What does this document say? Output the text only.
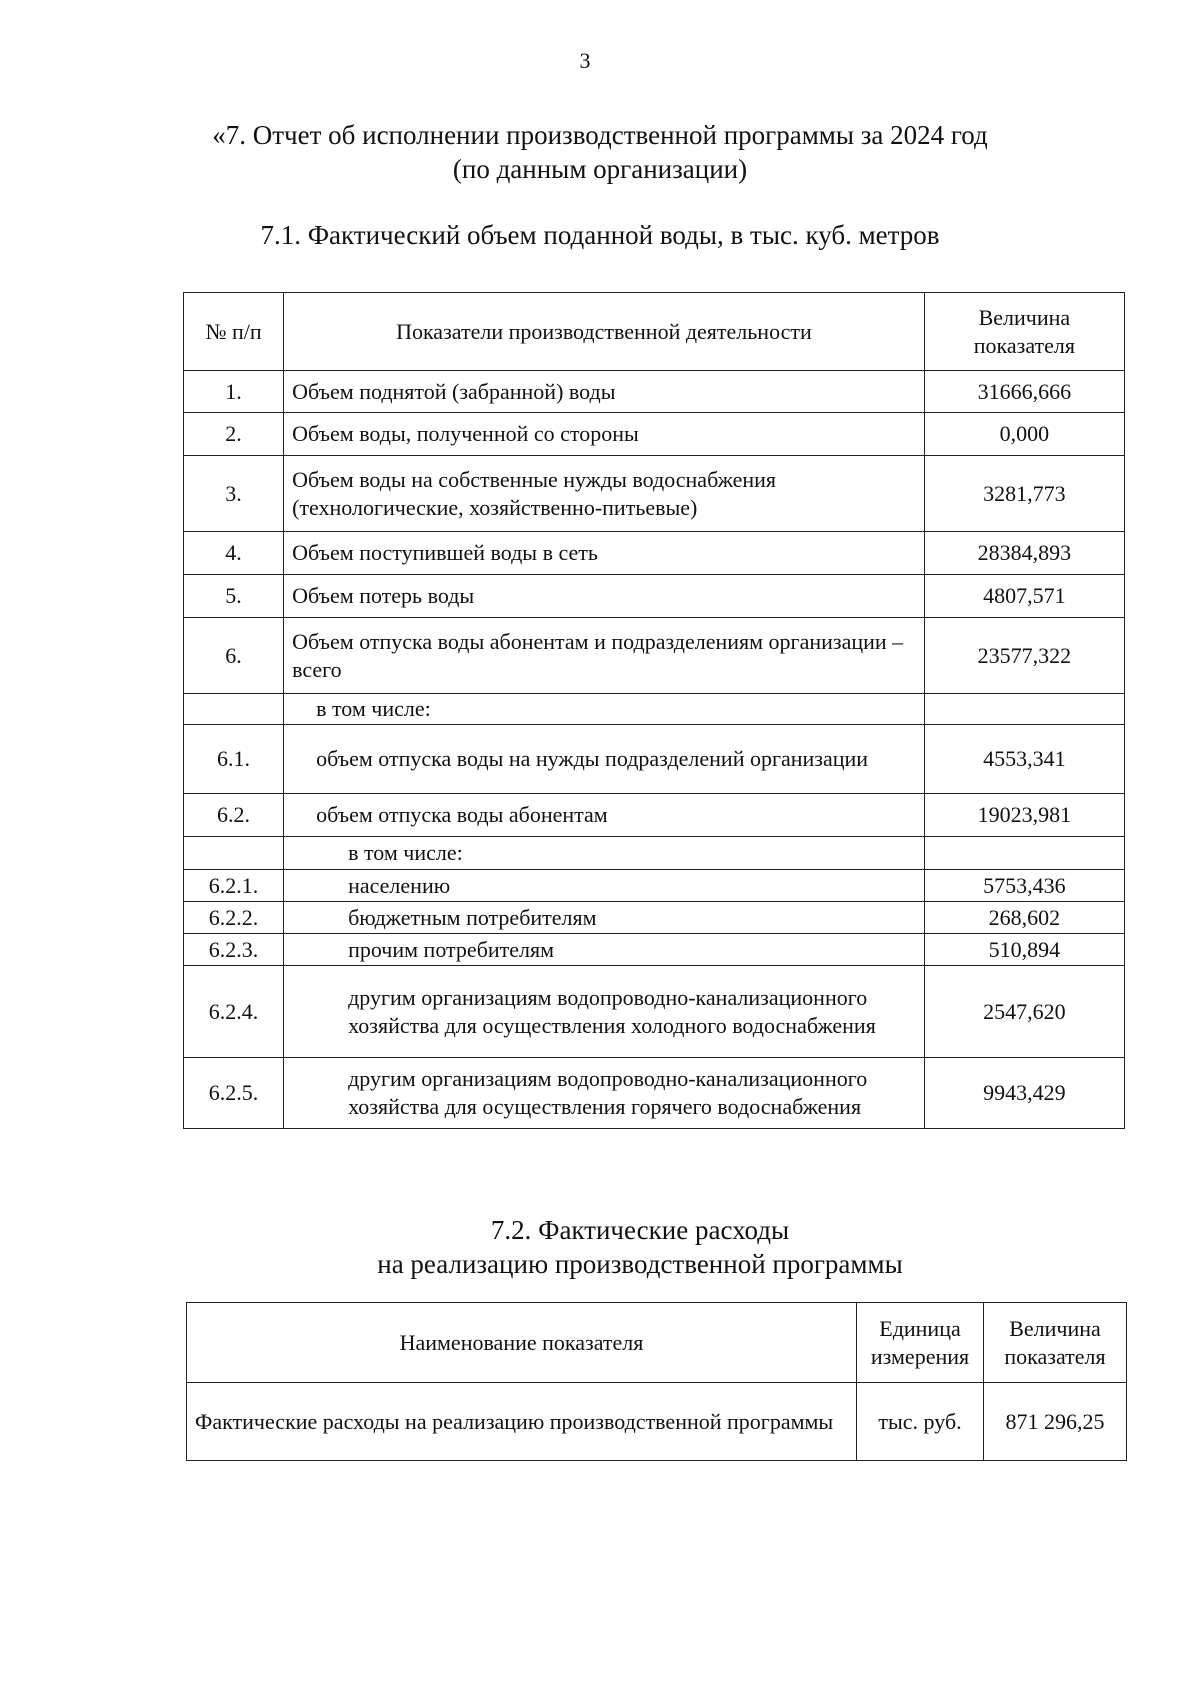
3
«7. Отчет об исполнении производственной программы за 2024 год
(по данным организации)
7.1. Фактический объем поданной воды, в тыс. куб. метров
№ п/п	Показатели производственной деятельности	Величина показателя
1.	Объем поднятой (забранной) воды	31666,666
2.	Объем воды, полученной со стороны	0,000
3.	Объем воды на собственные нужды водоснабжения (технологические, хозяйственно-питьевые)	3281,773
4.	Объем поступившей воды в сеть	28384,893
5.	Объем потерь воды	4807,571
6.	Объем отпуска воды абонентам и подразделениям организации – всего	23577,322
	в том числе:	
6.1.	объем отпуска воды на нужды подразделений организации	4553,341
6.2.	объем отпуска воды абонентам	19023,981
	в том числе:	
6.2.1.	населению	5753,436
6.2.2.	бюджетным потребителям	268,602
6.2.3.	прочим потребителям	510,894
6.2.4.	другим организациям водопроводно-канализационного хозяйства для осуществления холодного водоснабжения	2547,620
6.2.5.	другим организациям водопроводно-канализационного хозяйства для осуществления горячего водоснабжения	9943,429
7.2. Фактические расходы
на реализацию производственной программы
Наименование показателя	Единица измерения	Величина показателя
Фактические расходы на реализацию производственной программы	тыс. руб.	871 296,25
